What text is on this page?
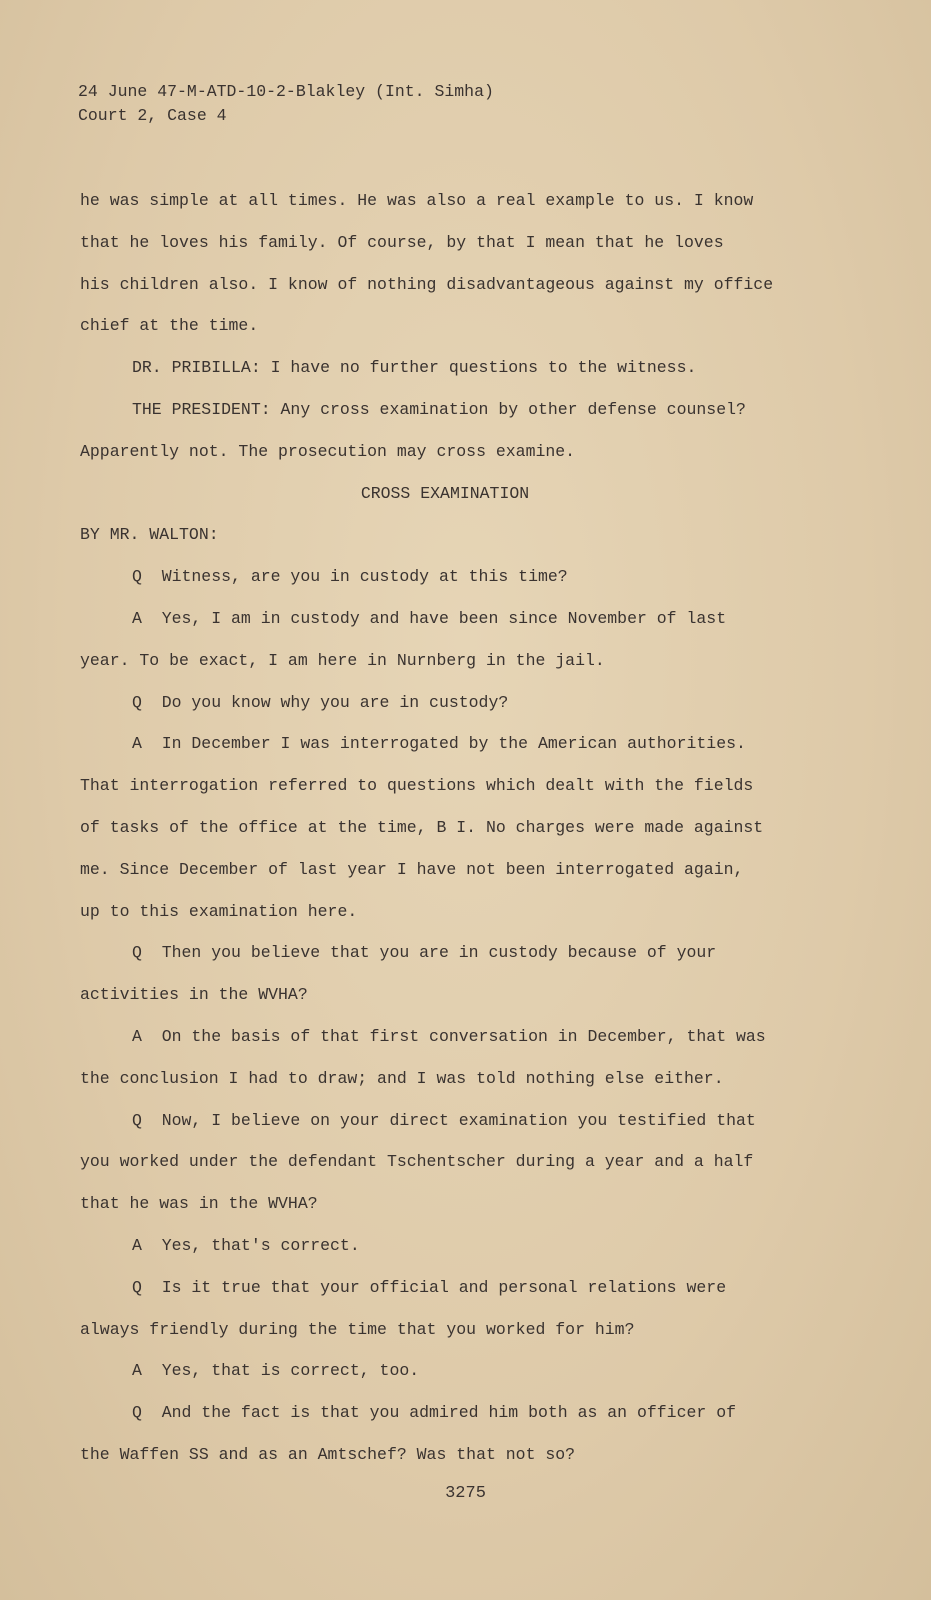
24 June 47-M-ATD-10-2-Blakley (Int. Simha)
Court 2, Case 4
he was simple at all times. He was also a real example to us. I know
that he loves his family. Of course, by that I mean that he loves
his children also. I know of nothing disadvantageous against my office
chief at the time.
DR. PRIBILLA: I have no further questions to the witness.
THE PRESIDENT: Any cross examination by other defense counsel?
Apparently not. The prosecution may cross examine.
CROSS EXAMINATION
BY MR. WALTON:
Q  Witness, are you in custody at this time?
A  Yes, I am in custody and have been since November of last
year. To be exact, I am here in Nurnberg in the jail.
Q  Do you know why you are in custody?
A  In December I was interrogated by the American authorities.
That interrogation referred to questions which dealt with the fields
of tasks of the office at the time, B I. No charges were made against
me. Since December of last year I have not been interrogated again,
up to this examination here.
Q  Then you believe that you are in custody because of your
activities in the WVHA?
A  On the basis of that first conversation in December, that was
the conclusion I had to draw; and I was told nothing else either.
Q  Now, I believe on your direct examination you testified that
you worked under the defendant Tschentscher during a year and a half
that he was in the WVHA?
A  Yes, that's correct.
Q  Is it true that your official and personal relations were
always friendly during the time that you worked for him?
A  Yes, that is correct, too.
Q  And the fact is that you admired him both as an officer of
the Waffen SS and as an Amtschef? Was that not so?
3275
